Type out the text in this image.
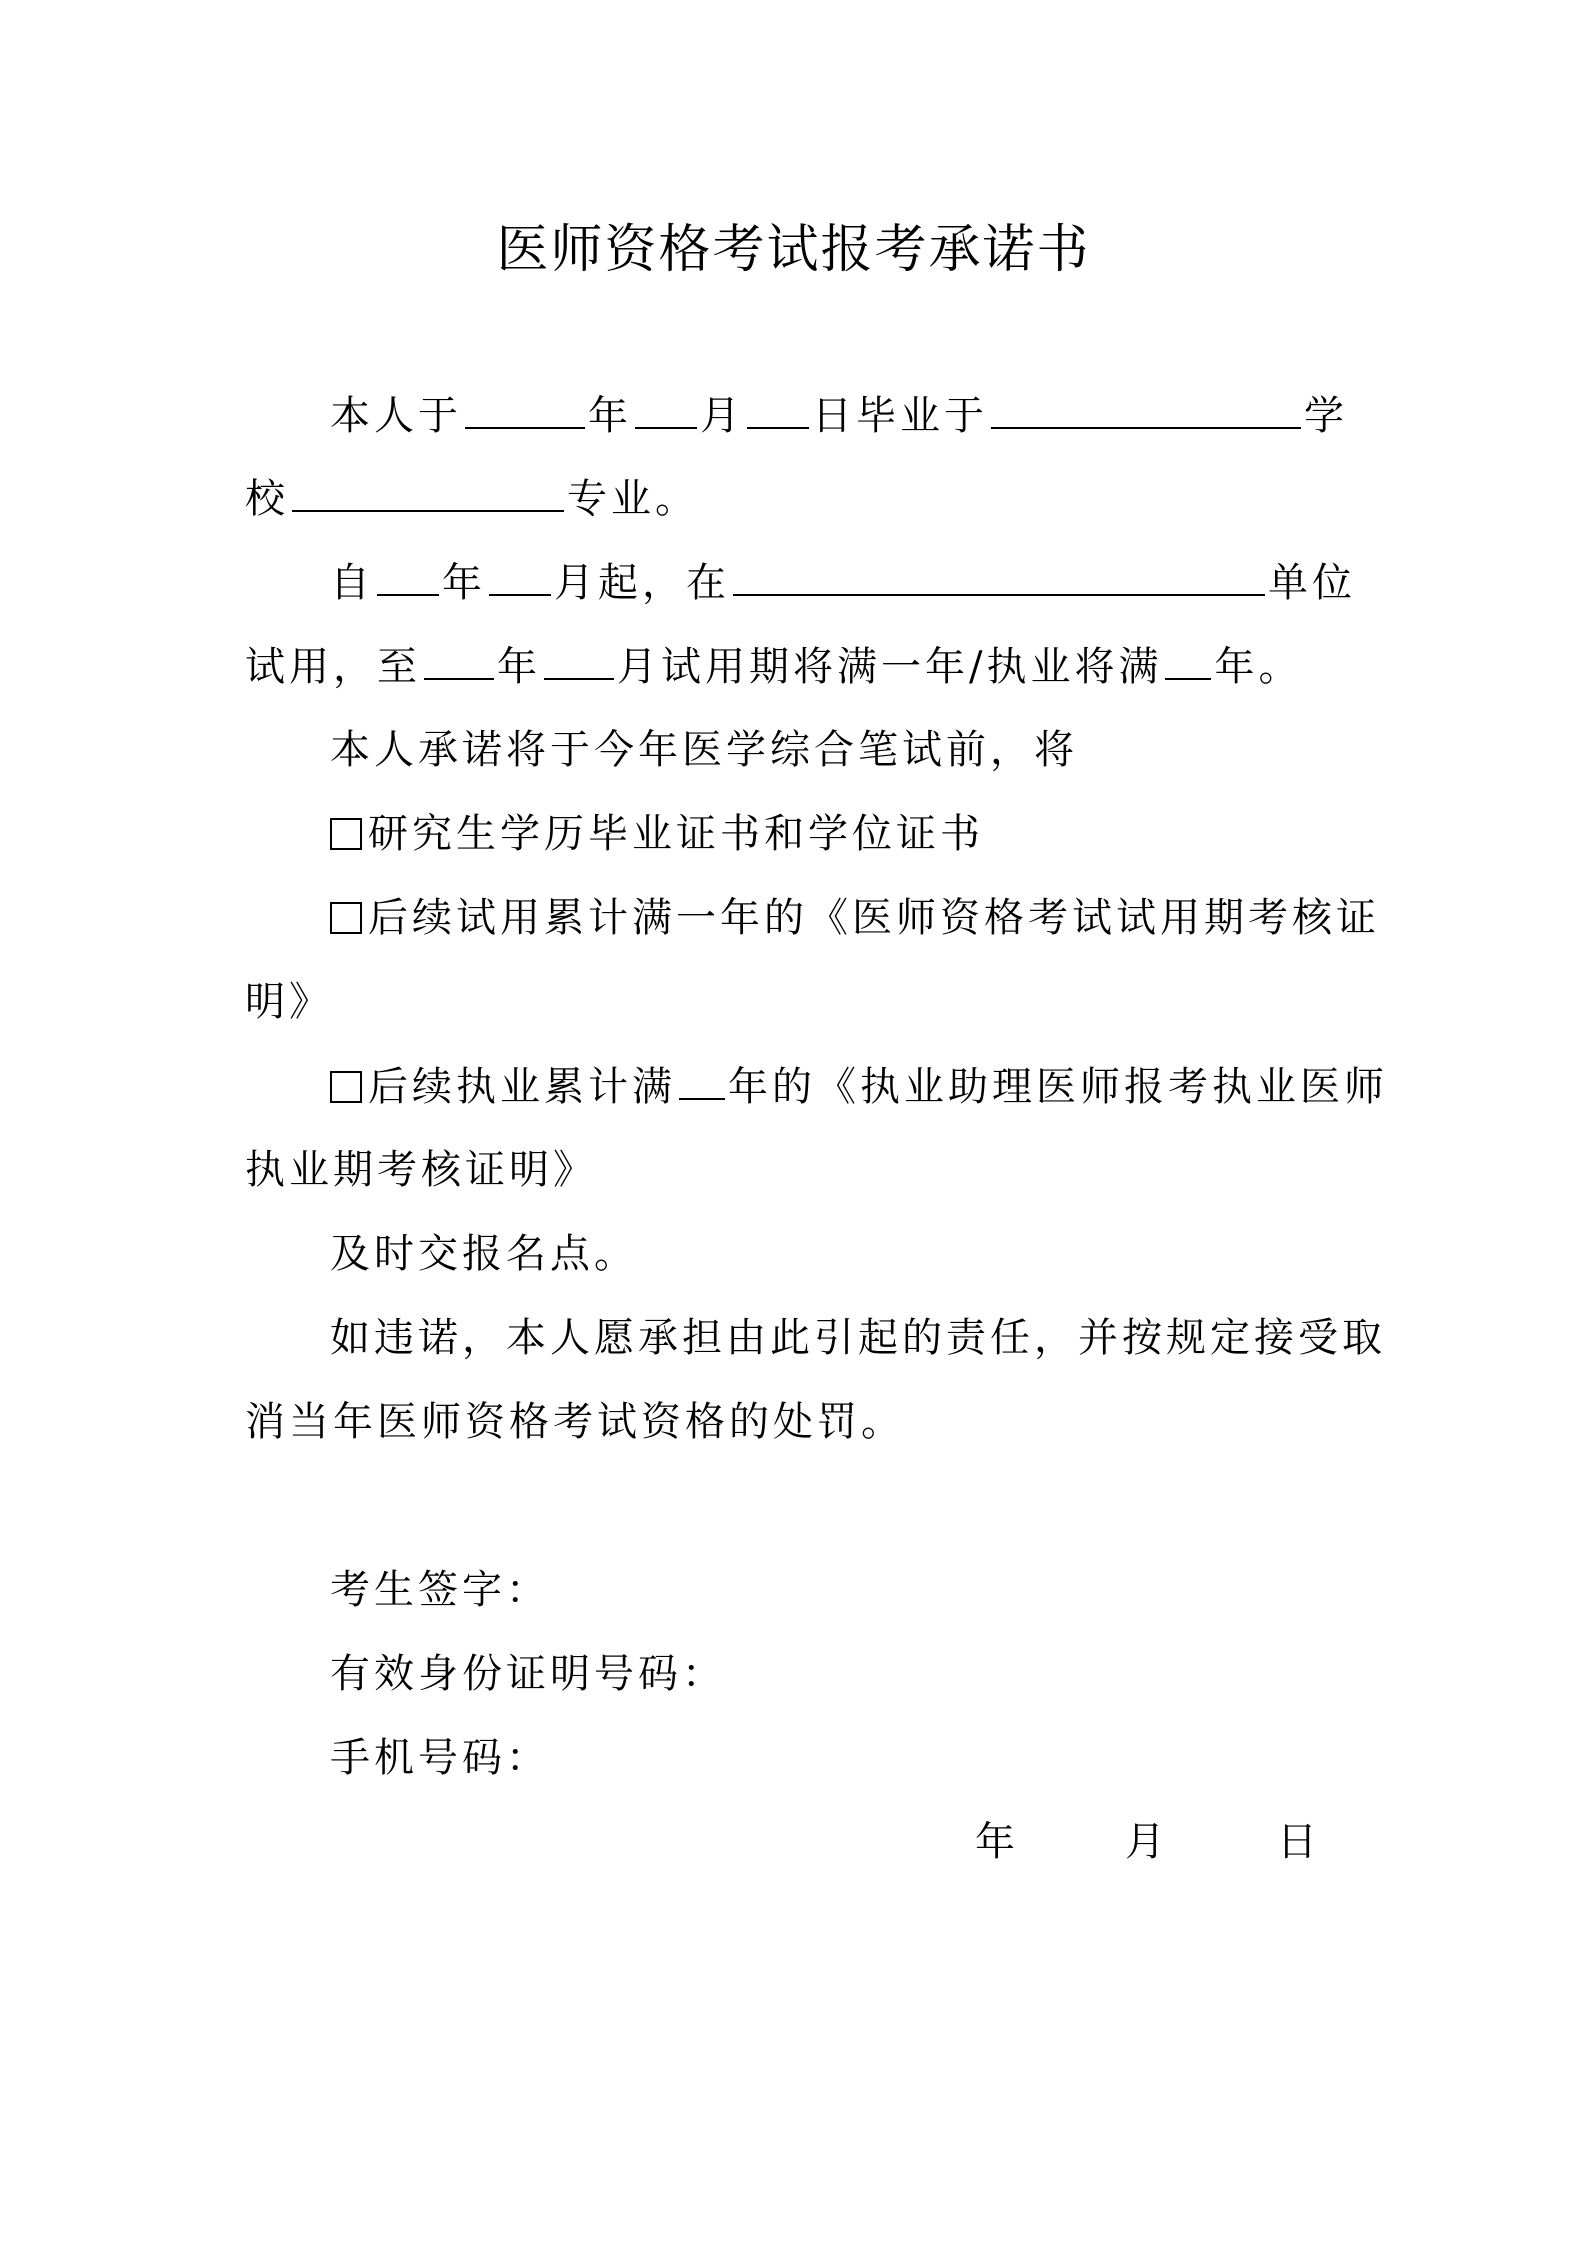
医师资格考试报考承诺书
本人于	年 月 日毕业于	学
校	专业。
自 年 月起，在	单位
试用，至 年 月试用期将满一年/执业将满 年。
本人承诺将于今年医学综合笔试前，将
研究生学历毕业证书和学位证书
后续试用累计满一年的《医师资格考试试用期考核证
明》
后续执业累计满 年的《执业助理医师报考执业医师
执业期考核证明》
及时交报名点。
如违诺，本人愿承担由此引起的责任，并按规定接受取
消当年医师资格考试资格的处罚。
考生签字：
有效身份证明号码：
手机号码：
年	月	日
